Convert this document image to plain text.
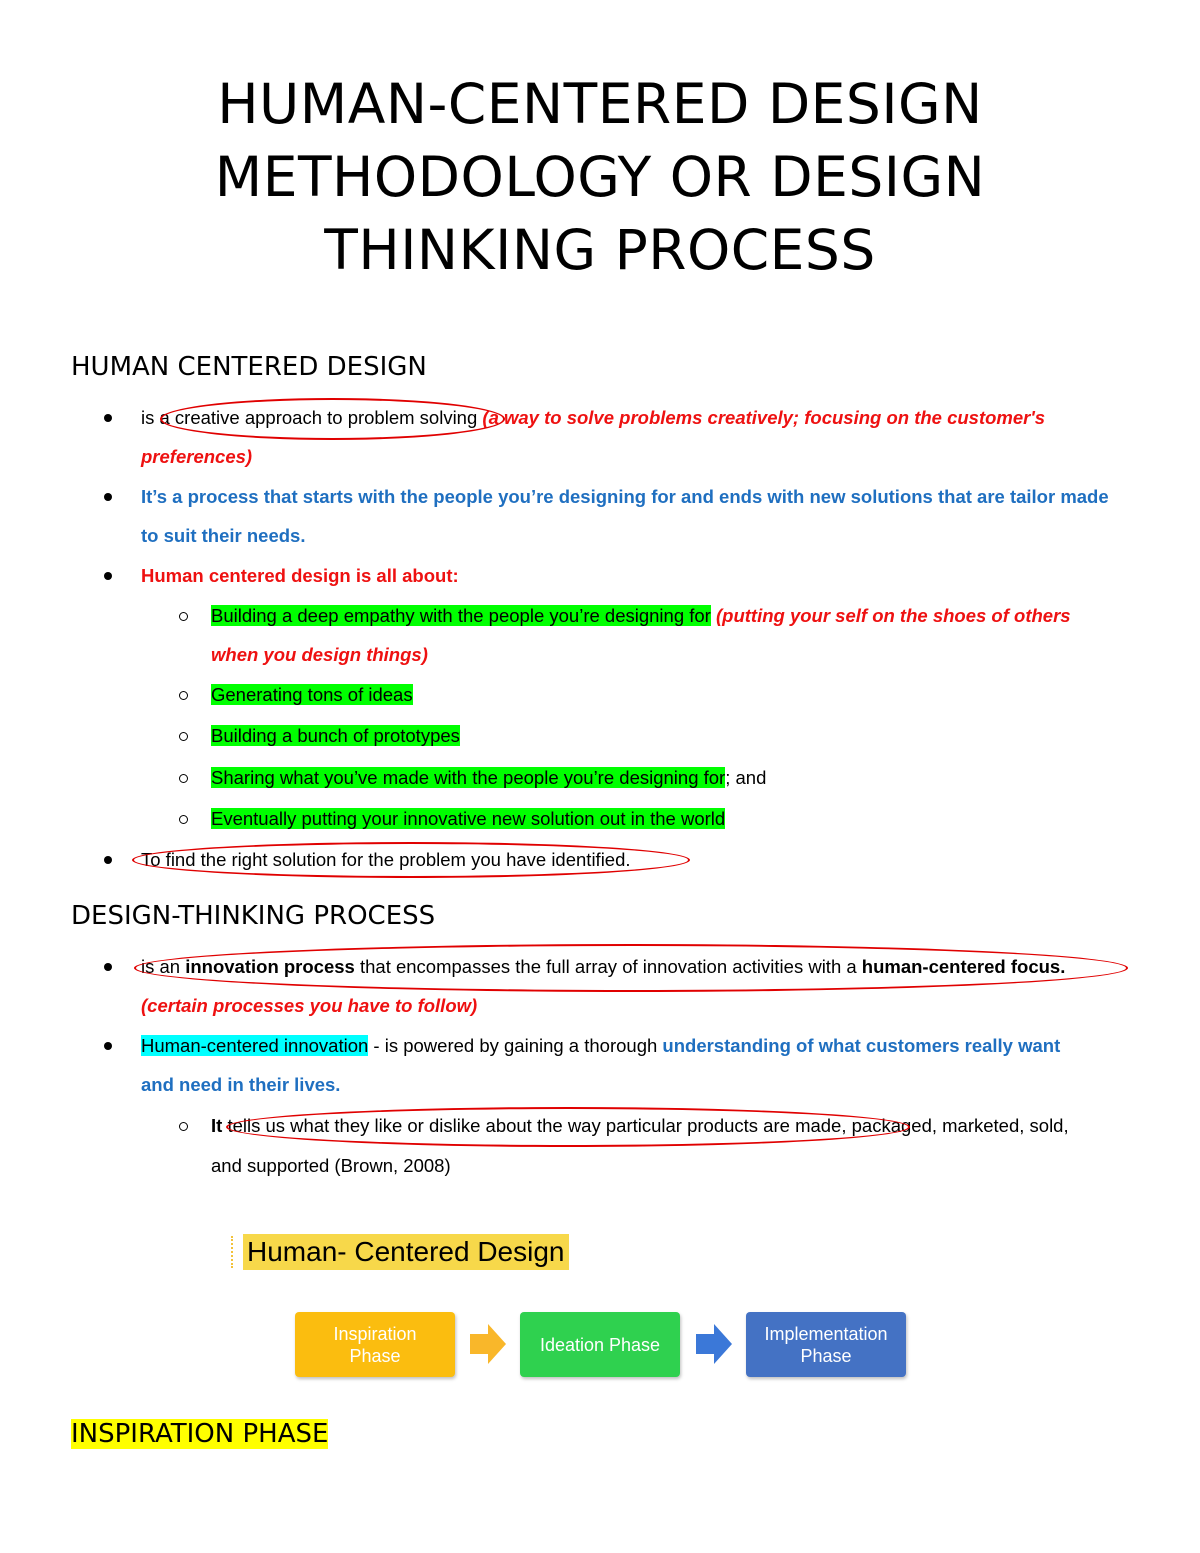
HUMAN-CENTERED DESIGN
METHODOLOGY OR DESIGN
THINKING PROCESS
HUMAN CENTERED DESIGN
is a creative approach to problem solving (a way to solve problems creatively; focusing on the customer's
preferences)
It’s a process that starts with the people you’re designing for and ends with new solutions that are tailor made
to suit their needs.
Human centered design is all about:
Building a deep empathy with the people you’re designing for (putting your self on the shoes of others
when you design things)
Generating tons of ideas
Building a bunch of prototypes
Sharing what you’ve made with the people you’re designing for; and
Eventually putting your innovative new solution out in the world
To find the right solution for the problem you have identified.
DESIGN-THINKING PROCESS
is an innovation process that encompasses the full array of innovation activities with a human-centered focus.
(certain processes you have to follow)
Human-centered innovation - is powered by gaining a thorough understanding of what customers really want
and need in their lives.
It tells us what they like or dislike about the way particular products are made, packaged, marketed, sold,
and supported (Brown, 2008)
Human- Centered Design
Inspiration
Phase
Ideation Phase
Implementation
Phase
INSPIRATION PHASE
